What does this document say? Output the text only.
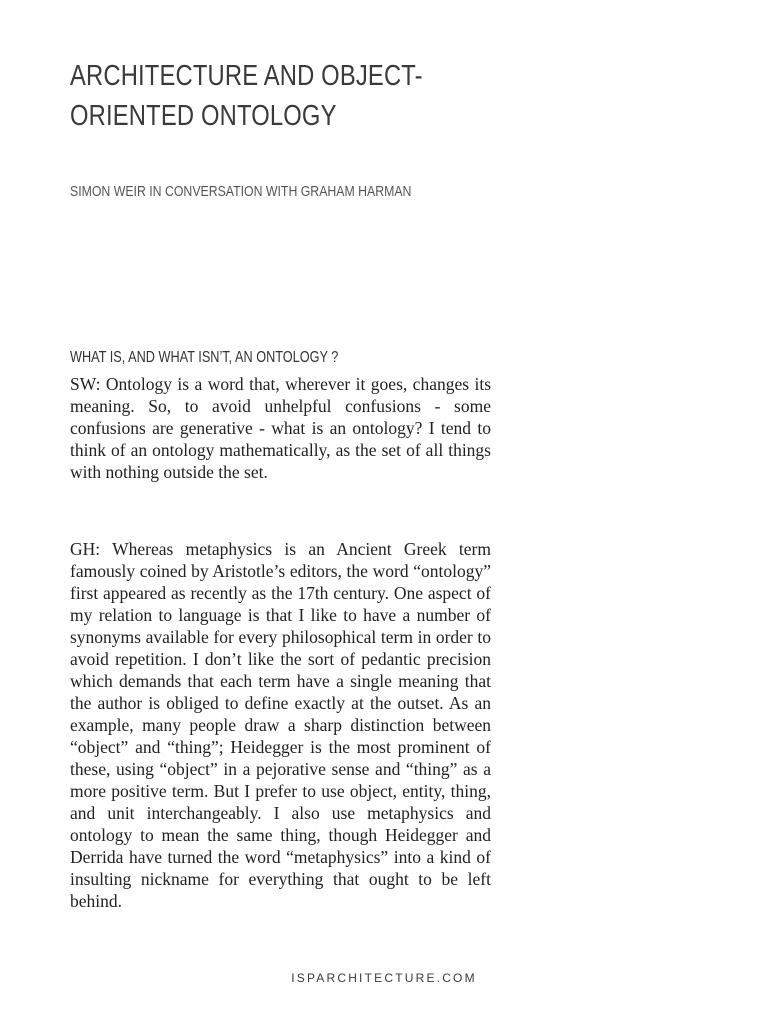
ARCHITECTURE AND OBJECT-ORIENTED ONTOLOGY
SIMON WEIR IN CONVERSATION WITH GRAHAM HARMAN
WHAT IS, AND WHAT ISN’T, AN ONTOLOGY ?

SW: Ontology is a word that, wherever it goes, changes its meaning. So, to avoid unhelpful confusions - some confusions are generative - what is an ontology? I tend to think of an ontology mathematically, as the set of all things with nothing outside the set.

GH: Whereas metaphysics is an Ancient Greek term famously coined by Aristotle’s editors, the word “ontology” first appeared as recently as the 17th century. One aspect of my relation to language is that I like to have a number of synonyms available for every philosophical term in order to avoid repetition. I don’t like the sort of pedantic precision which demands that each term have a single meaning that the author is obliged to define exactly at the outset. As an example, many people draw a sharp distinction between “object” and “thing”; Heidegger is the most prominent of these, using “object” in a pejorative sense and “thing” as a more positive term. But I prefer to use object, entity, thing, and unit interchangeably. I also use metaphysics and ontology to mean the same thing, though Heidegger and Derrida have turned the word “metaphysics” into a kind of insulting nickname for everything that ought to be left behind.

ISPARCHITECTURE.COM
